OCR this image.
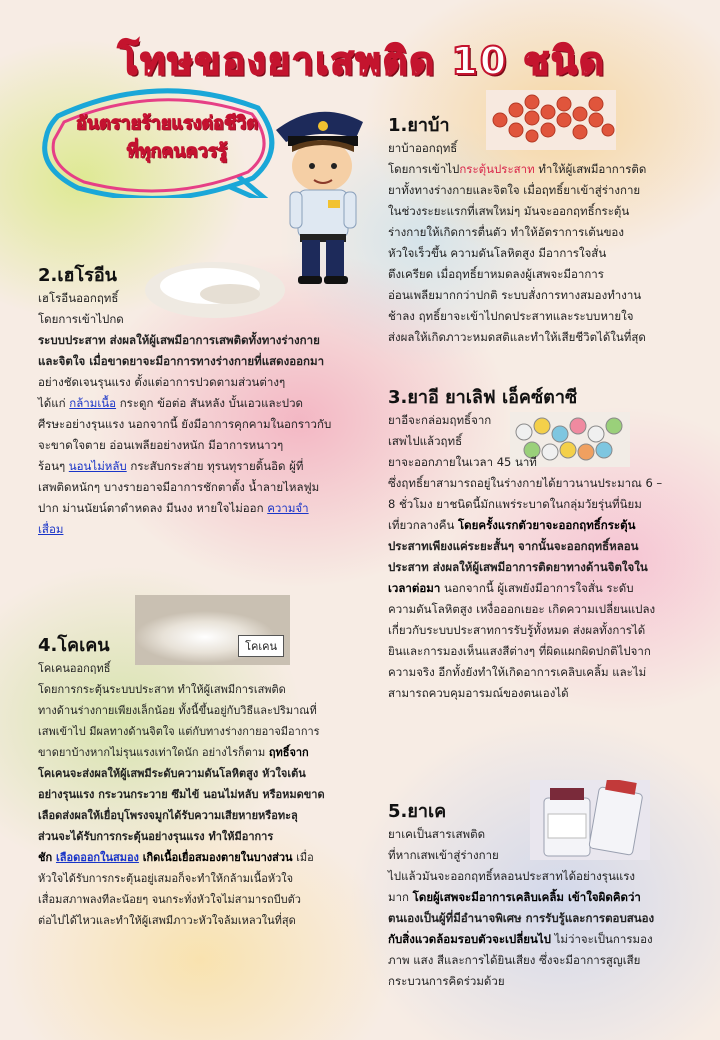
โทษของยาเสพติด 10 ชนิด
อันตรายร้ายแรงต่อชีวิต
ที่ทุกคนควรรู้
1.ยาบ้า
ยาบ้าออกฤทธิ์
โดยการเข้าไปกระตุ้นประสาท ทำให้ผู้เสพมีอาการติด
ยาทั้งทางร่างกายและจิตใจ เมื่อฤทธิ์ยาเข้าสู่ร่างกาย
ในช่วงระยะแรกที่เสพใหม่ๆ มันจะออกฤทธิ์กระตุ้น
ร่างกายให้เกิดการตื่นตัว ทำให้อัตราการเต้นของ
หัวใจเร็วขึ้น ความดันโลหิตสูง มีอาการใจสั่น
ตึงเครียด เมื่อฤทธิ์ยาหมดลงผู้เสพจะมีอาการ
อ่อนเพลียมากกว่าปกติ ระบบสั่งการทางสมองทำงาน
ช้าลง ฤทธิ์ยาจะเข้าไปกดประสาทและระบบหายใจ
ส่งผลให้เกิดภาวะหมดสติและทำให้เสียชีวิตได้ในที่สุด
2.เฮโรอีน
เฮโรอีนออกฤทธิ์
โดยการเข้าไปกด
ระบบประสาท ส่งผลให้ผู้เสพมีอาการเสพติดทั้งทางร่างกาย
และจิตใจ เมื่อขาดยาจะมีอาการทางร่างกายที่แสดงออกมา
อย่างชัดเจนรุนแรง ตั้งแต่อาการปวดตามส่วนต่างๆ
ได้แก่ กล้ามเนื้อ กระดูก ข้อต่อ สันหลัง บั้นเอวและปวด
ศีรษะอย่างรุนแรง นอกจากนี้ ยังมีอาการคุกคามในอกราวกับ
จะขาดใจตาย อ่อนเพลียอย่างหนัก มีอาการหนาวๆ
ร้อนๆ นอนไม่หลับ กระสับกระส่าย ทุรนทุรายดิ้นอิด ผู้ที่
เสพติดหนักๆ บางรายอาจมีอาการชักตาตั้ง น้ำลายไหลฟูม
ปาก ม่านนัยน์ตาดำหดลง มีนงง หายใจไม่ออก ความจำ
เสื่อม
3.ยาอี ยาเลิฟ เอ็คซ์ตาซี
ยาอีจะกล่อมฤทธิ์จาก
เสพไปแล้วฤทธิ์
ยาจะออกภายในเวลา 45 นาที
ซึ่งฤทธิ์ยาสามารถอยู่ในร่างกายได้ยาวนานประมาณ 6 –
8 ชั่วโมง ยาชนิดนี้มักแพร่ระบาดในกลุ่มวัยรุ่นที่นิยม
เที่ยวกลางคืน โดยครั้งแรกตัวยาจะออกฤทธิ์กระตุ้น
ประสาทเพียงแค่ระยะสั้นๆ จากนั้นจะออกฤทธิ์หลอน
ประสาท ส่งผลให้ผู้เสพมีอาการติดยาทางด้านจิตใจใน
เวลาต่อมา นอกจากนี้ ผู้เสพยังมีอาการใจสั่น ระดับ
ความดันโลหิตสูง เหงื่อออกเยอะ เกิดความเปลี่ยนแปลง
เกี่ยวกับระบบประสาทการรับรู้ทั้งหมด ส่งผลทั้งการได้
ยินและการมองเห็นแสงสีต่างๆ ที่ผิดแผกผิดปกติไปจาก
ความจริง อีกทั้งยังทำให้เกิดอาการเคลิบเคลิ้ม และไม่
สามารถควบคุมอารมณ์ของตนเองได้
โคเคน
4.โคเคน
โคเคนออกฤทธิ์
โดยการกระตุ้นระบบประสาท ทำให้ผู้เสพมีการเสพติด
ทางด้านร่างกายเพียงเล็กน้อย ทั้งนี้ขึ้นอยู่กับวิธีและปริมาณที่
เสพเข้าไป มีผลทางด้านจิตใจ แต่กับทางร่างกายอาจมีอาการ
ขาดยาบ้างหากไม่รุนแรงเท่าใดนัก อย่างไรก็ตาม ฤทธิ์จาก
โคเคนจะส่งผลให้ผู้เสพมีระดับความดันโลหิตสูง หัวใจเต้น
อย่างรุนแรง กระวนกระวาย ซึมไข้ นอนไม่หลับ หรือหมดขาด
เลือดส่งผลให้เยื่อบุโพรงจมูกได้รับความเสียหายหรือทะลุ
ส่วนจะได้รับการกระตุ้นอย่างรุนแรง ทำให้มีอาการ
ชัก เลือดออกในสมอง เกิดเนื้อเยื่อสมองตายในบางส่วน เมื่อ
หัวใจได้รับการกระตุ้นอยู่เสมอก็จะทำให้กล้ามเนื้อหัวใจ
เสื่อมสภาพลงทีละน้อยๆ จนกระทั่งหัวใจไม่สามารถบีบตัว
ต่อไปได้ไหวและทำให้ผู้เสพมีภาวะหัวใจล้มเหลวในที่สุด
5.ยาเค
ยาเคเป็นสารเสพติด
ที่หากเสพเข้าสู่ร่างกาย
ไปแล้วมันจะออกฤทธิ์หลอนประสาทได้อย่างรุนแรง
มาก โดยผู้เสพจะมีอาการเคลิบเคลิ้ม เข้าใจผิดคิดว่า
ตนเองเป็นผู้ที่มีอำนาจพิเศษ การรับรู้และการตอบสนอง
กับสิ่งแวดล้อมรอบตัวจะเปลี่ยนไป ไม่ว่าจะเป็นการมอง
ภาพ แสง สีและการได้ยินเสียง ซึ่งจะมีอาการสูญเสีย
กระบวนการคิดร่วมด้วย
